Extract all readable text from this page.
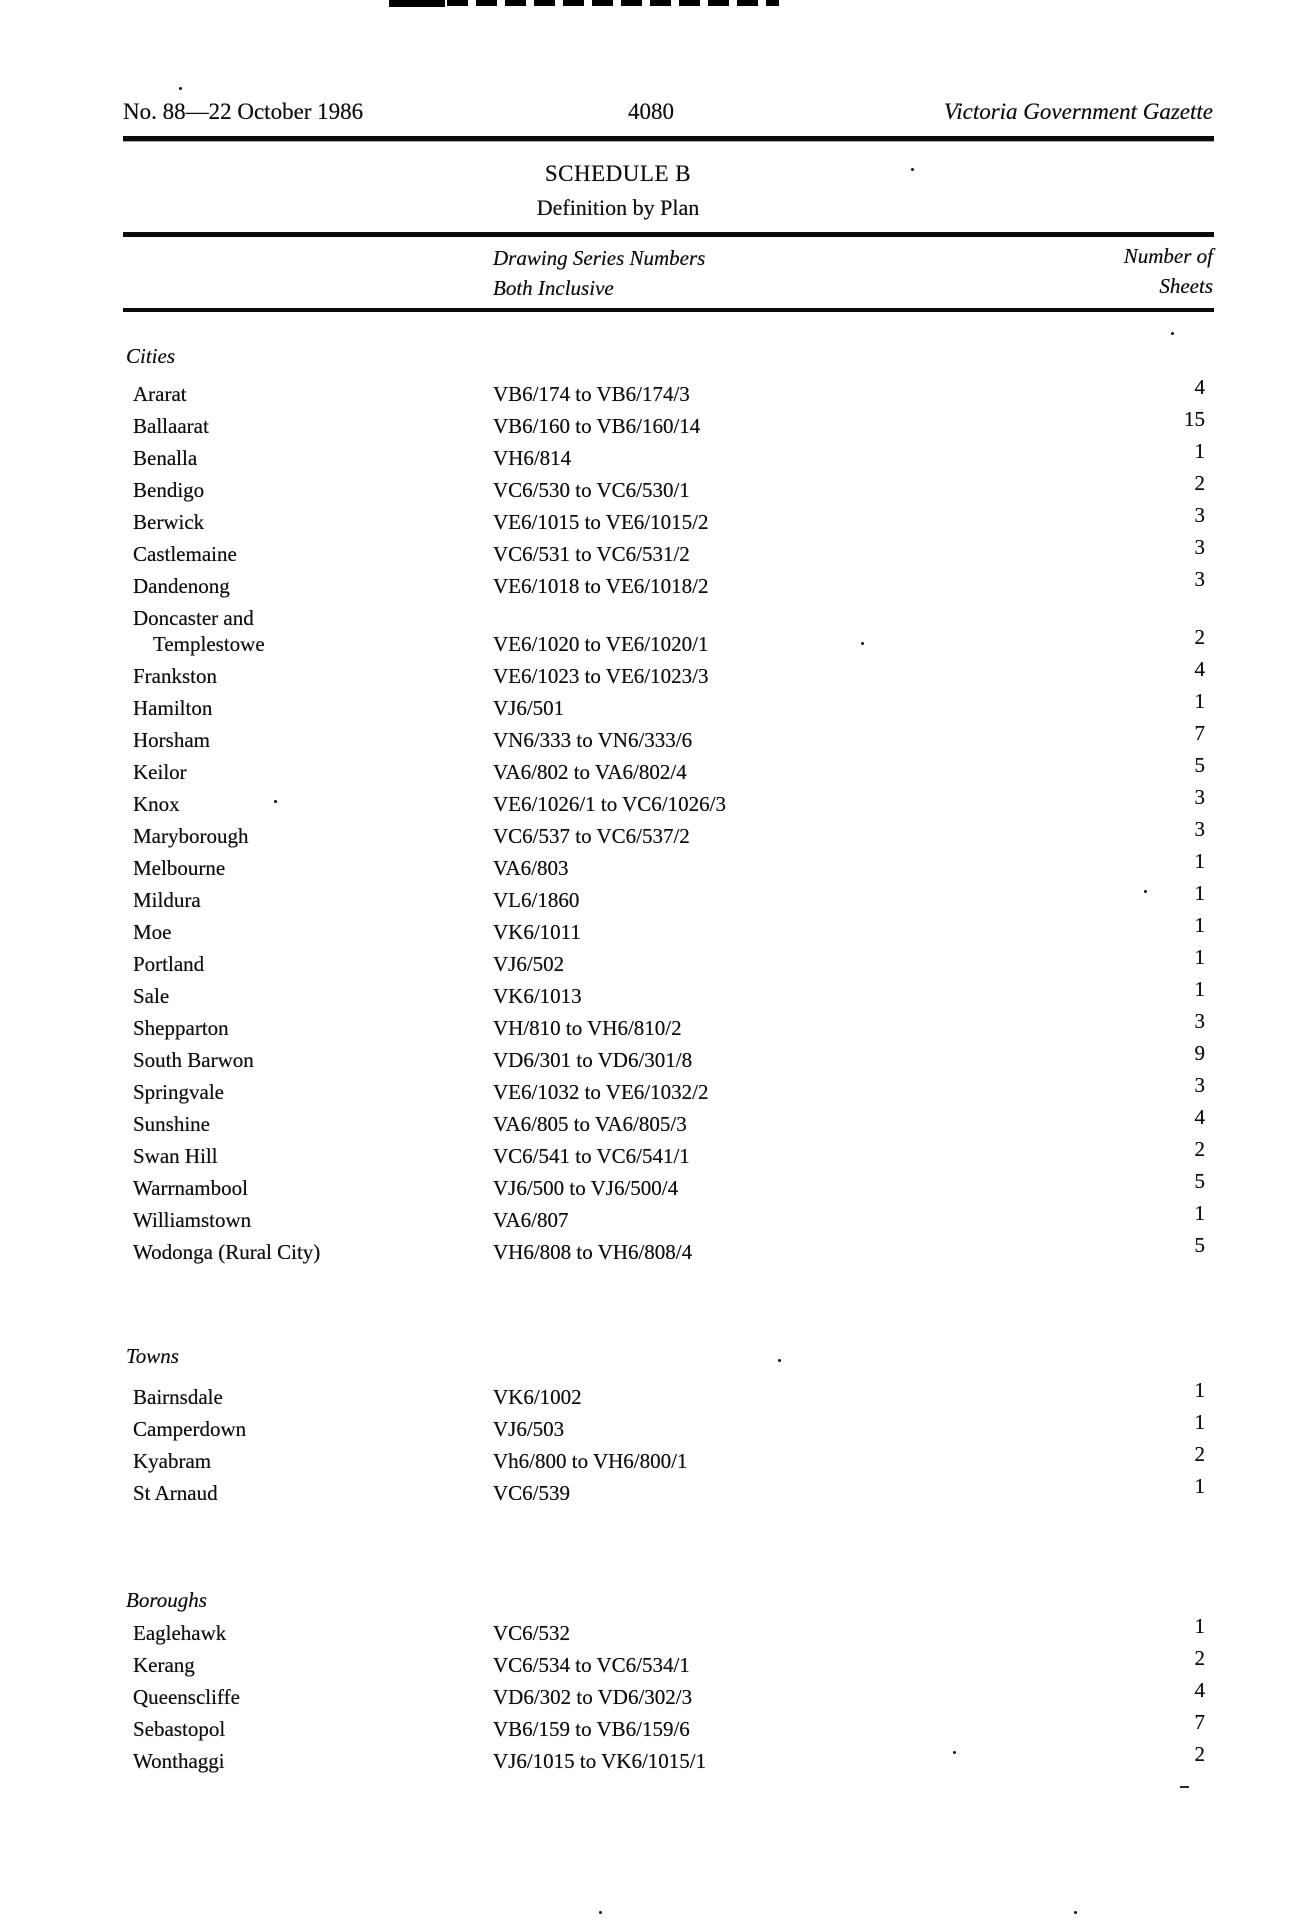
No. 88—22 October 1986	4080	Victoria Government Gazette
SCHEDULE B
Definition by Plan
Drawing Series Numbers
Both Inclusive
Number of
Sheets
Cities
Ararat	VB6/174 to VB6/174/3	4
Ballaarat	VB6/160 to VB6/160/14	15
Benalla	VH6/814	1
Bendigo	VC6/530 to VC6/530/1	2
Berwick	VE6/1015 to VE6/1015/2	3
Castlemaine	VC6/531 to VC6/531/2	3
Dandenong	VE6/1018 to VE6/1018/2	3
Doncaster and
Templestowe	VE6/1020 to VE6/1020/1	2
Frankston	VE6/1023 to VE6/1023/3	4
Hamilton	VJ6/501	1
Horsham	VN6/333 to VN6/333/6	7
Keilor	VA6/802 to VA6/802/4	5
Knox	VE6/1026/1 to VC6/1026/3	3
Maryborough	VC6/537 to VC6/537/2	3
Melbourne	VA6/803	1
Mildura	VL6/1860	1
Moe	VK6/1011	1
Portland	VJ6/502	1
Sale	VK6/1013	1
Shepparton	VH/810 to VH6/810/2	3
South Barwon	VD6/301 to VD6/301/8	9
Springvale	VE6/1032 to VE6/1032/2	3
Sunshine	VA6/805 to VA6/805/3	4
Swan Hill	VC6/541 to VC6/541/1	2
Warrnambool	VJ6/500 to VJ6/500/4	5
Williamstown	VA6/807	1
Wodonga (Rural City)	VH6/808 to VH6/808/4	5
Towns
Bairnsdale	VK6/1002	1
Camperdown	VJ6/503	1
Kyabram	Vh6/800 to VH6/800/1	2
St Arnaud	VC6/539	1
Boroughs
Eaglehawk	VC6/532	1
Kerang	VC6/534 to VC6/534/1	2
Queenscliffe	VD6/302 to VD6/302/3	4
Sebastopol	VB6/159 to VB6/159/6	7
Wonthaggi	VJ6/1015 to VK6/1015/1	2
